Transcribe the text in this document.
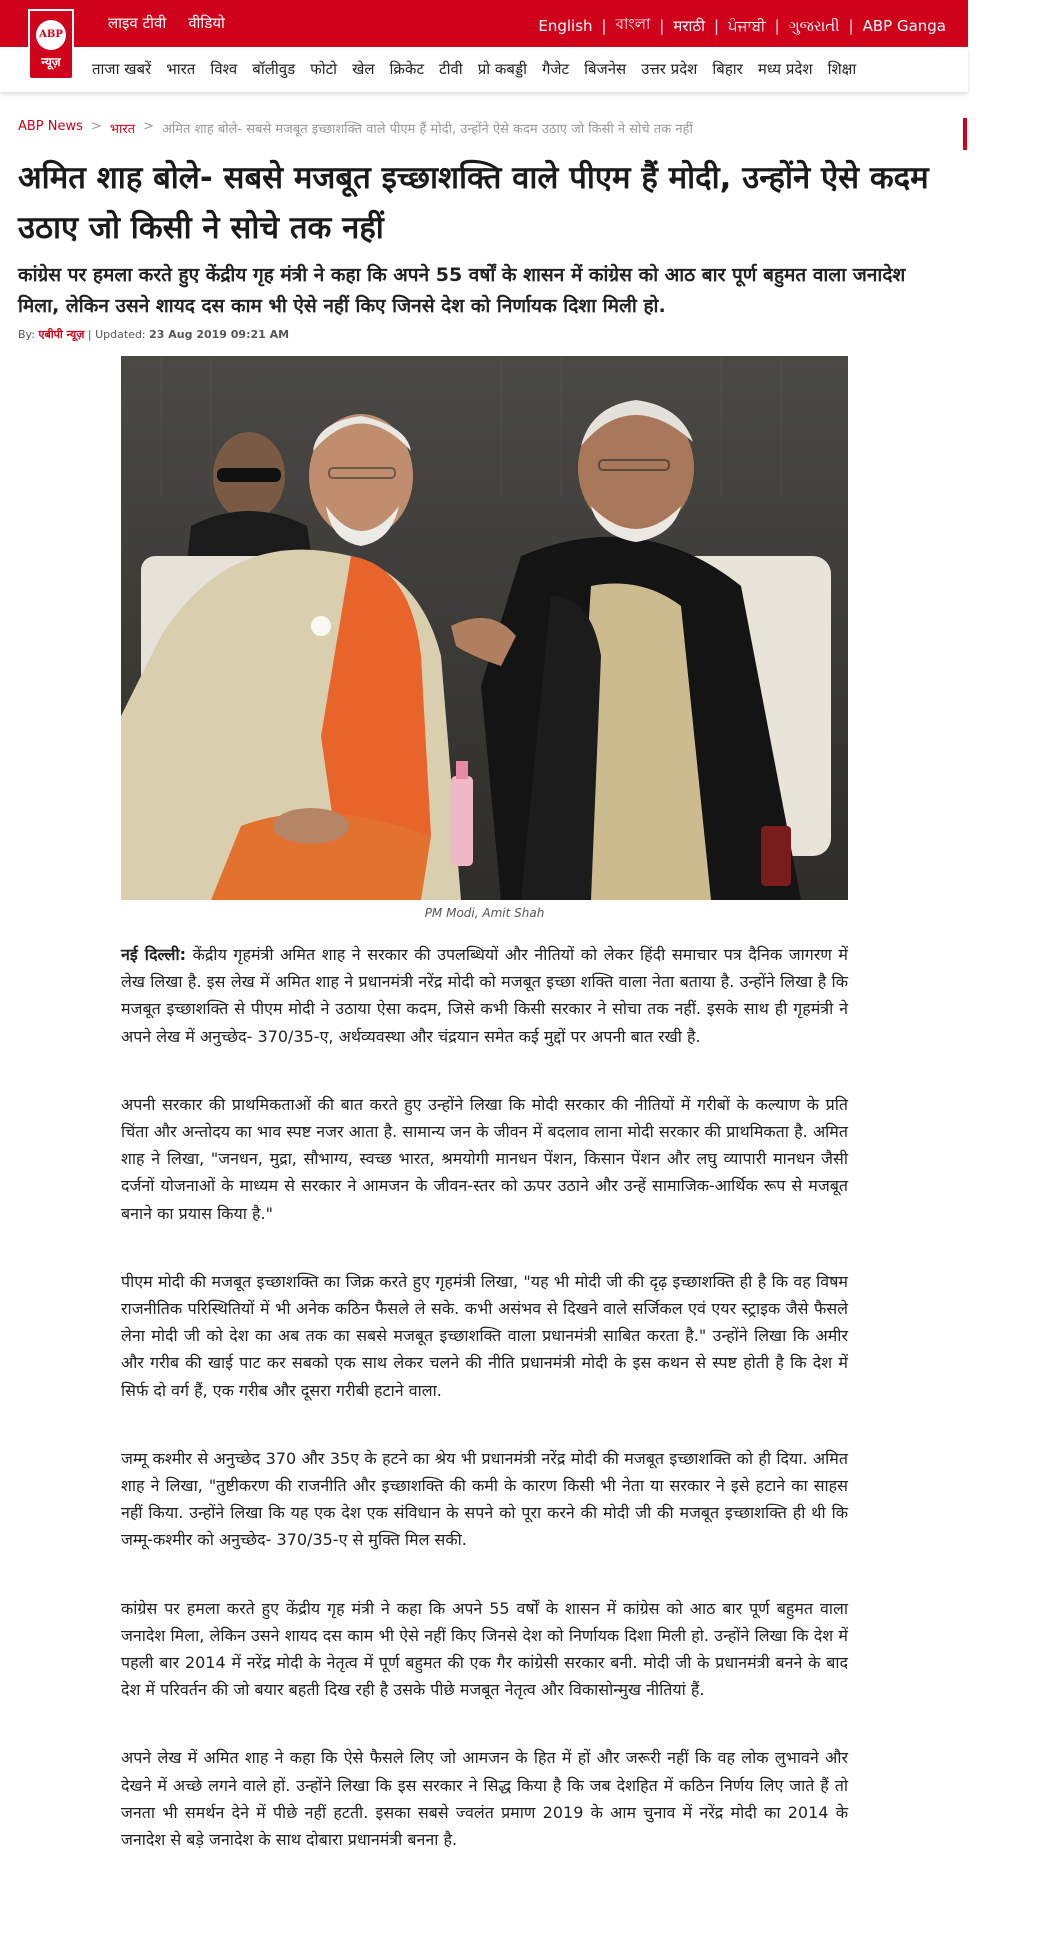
लाइव टीवी वीडियो	English | বাংলা | मराठी | ਪੰਜਾਬੀ | ગુજરાતી | ABP Ganga
ABP
न्यूज़ ताजा खबरें भारत विश्व बॉलीवुड फोटो खेल क्रिकेट टीवी प्रो कबड्डी गैजेट बिजनेस उत्तर प्रदेश बिहार मध्य प्रदेश शिक्षा
ABP News > भारत > अमित शाह बोले- सबसे मजबूत इच्छाशक्ति वाले पीएम हैं मोदी, उन्होंने ऐसे कदम उठाए जो किसी ने सोचे तक नहीं
अमित शाह बोले- सबसे मजबूत इच्छाशक्ति वाले पीएम हैं मोदी, उन्होंने ऐसे कदम उठाए जो किसी ने सोचे तक नहीं
कांग्रेस पर हमला करते हुए केंद्रीय गृह मंत्री ने कहा कि अपने 55 वर्षों के शासन में कांग्रेस को आठ बार पूर्ण बहुमत वाला जनादेश मिला, लेकिन उसने शायद दस काम भी ऐसे नहीं किए जिनसे देश को निर्णायक दिशा मिली हो.
By: एबीपी न्यूज़ | Updated: 23 Aug 2019 09:21 AM
PM Modi, Amit Shah

नई दिल्ली: केंद्रीय गृहमंत्री अमित शाह ने सरकार की उपलब्धियों और नीतियों को लेकर हिंदी समाचार पत्र दैनिक जागरण में लेख लिखा है. इस लेख में अमित शाह ने प्रधानमंत्री नरेंद्र मोदी को मजबूत इच्छा शक्ति वाला नेता बताया है. उन्होंने लिखा है कि मजबूत इच्छाशक्ति से पीएम मोदी ने उठाया ऐसा कदम, जिसे कभी किसी सरकार ने सोचा तक नहीं. इसके साथ ही गृहमंत्री ने अपने लेख में अनुच्छेद- 370/35-ए, अर्थव्यवस्था और चंद्रयान समेत कई मुद्दों पर अपनी बात रखी है.

अपनी सरकार की प्राथमिकताओं की बात करते हुए उन्होंने लिखा कि मोदी सरकार की नीतियों में गरीबों के कल्याण के प्रति चिंता और अन्तोदय का भाव स्पष्ट नजर आता है. सामान्य जन के जीवन में बदलाव लाना मोदी सरकार की प्राथमिकता है. अमित शाह ने लिखा, "जनधन, मुद्रा, सौभाग्य, स्वच्छ भारत, श्रमयोगी मानधन पेंशन, किसान पेंशन और लघु व्यापारी मानधन जैसी दर्जनों योजनाओं के माध्यम से सरकार ने आमजन के जीवन-स्तर को ऊपर उठाने और उन्हें सामाजिक-आर्थिक रूप से मजबूत बनाने का प्रयास किया है."

पीएम मोदी की मजबूत इच्छाशक्ति का जिक्र करते हुए गृहमंत्री लिखा, "यह भी मोदी जी की दृढ़ इच्छाशक्ति ही है कि वह विषम राजनीतिक परिस्थितियों में भी अनेक कठिन फैसले ले सके. कभी असंभव से दिखने वाले सर्जिकल एवं एयर स्ट्राइक जैसे फैसले लेना मोदी जी को देश का अब तक का सबसे मजबूत इच्छाशक्ति वाला प्रधानमंत्री साबित करता है." उन्होंने लिखा कि अमीर और गरीब की खाई पाट कर सबको एक साथ लेकर चलने की नीति प्रधानमंत्री मोदी के इस कथन से स्पष्ट होती है कि देश में सिर्फ दो वर्ग हैं, एक गरीब और दूसरा गरीबी हटाने वाला.

जम्मू कश्मीर से अनुच्छेद 370 और 35ए के हटने का श्रेय भी प्रधानमंत्री नरेंद्र मोदी की मजबूत इच्छाशक्ति को ही दिया. अमित शाह ने लिखा, "तुष्टीकरण की राजनीति और इच्छाशक्ति की कमी के कारण किसी भी नेता या सरकार ने इसे हटाने का साहस नहीं किया. उन्होंने लिखा कि यह एक देश एक संविधान के सपने को पूरा करने की मोदी जी की मजबूत इच्छाशक्ति ही थी कि जम्मू-कश्मीर को अनुच्छेद- 370/35-ए से मुक्ति मिल सकी.

कांग्रेस पर हमला करते हुए केंद्रीय गृह मंत्री ने कहा कि अपने 55 वर्षों के शासन में कांग्रेस को आठ बार पूर्ण बहुमत वाला जनादेश मिला, लेकिन उसने शायद दस काम भी ऐसे नहीं किए जिनसे देश को निर्णायक दिशा मिली हो. उन्होंने लिखा कि देश में पहली बार 2014 में नरेंद्र मोदी के नेतृत्व में पूर्ण बहुमत की एक गैर कांग्रेसी सरकार बनी. मोदी जी के प्रधानमंत्री बनने के बाद देश में परिवर्तन की जो बयार बहती दिख रही है उसके पीछे मजबूत नेतृत्व और विकासोन्मुख नीतियां हैं.

अपने लेख में अमित शाह ने कहा कि ऐसे फैसले लिए जो आमजन के हित में हों और जरूरी नहीं कि वह लोक लुभावने और देखने में अच्छे लगने वाले हों. उन्होंने लिखा कि इस सरकार ने सिद्ध किया है कि जब देशहित में कठिन निर्णय लिए जाते हैं तो जनता भी समर्थन देने में पीछे नहीं हटती. इसका सबसे ज्वलंत प्रमाण 2019 के आम चुनाव में नरेंद्र मोदी का 2014 के जनादेश से बड़े जनादेश के साथ दोबारा प्रधानमंत्री बनना है.
